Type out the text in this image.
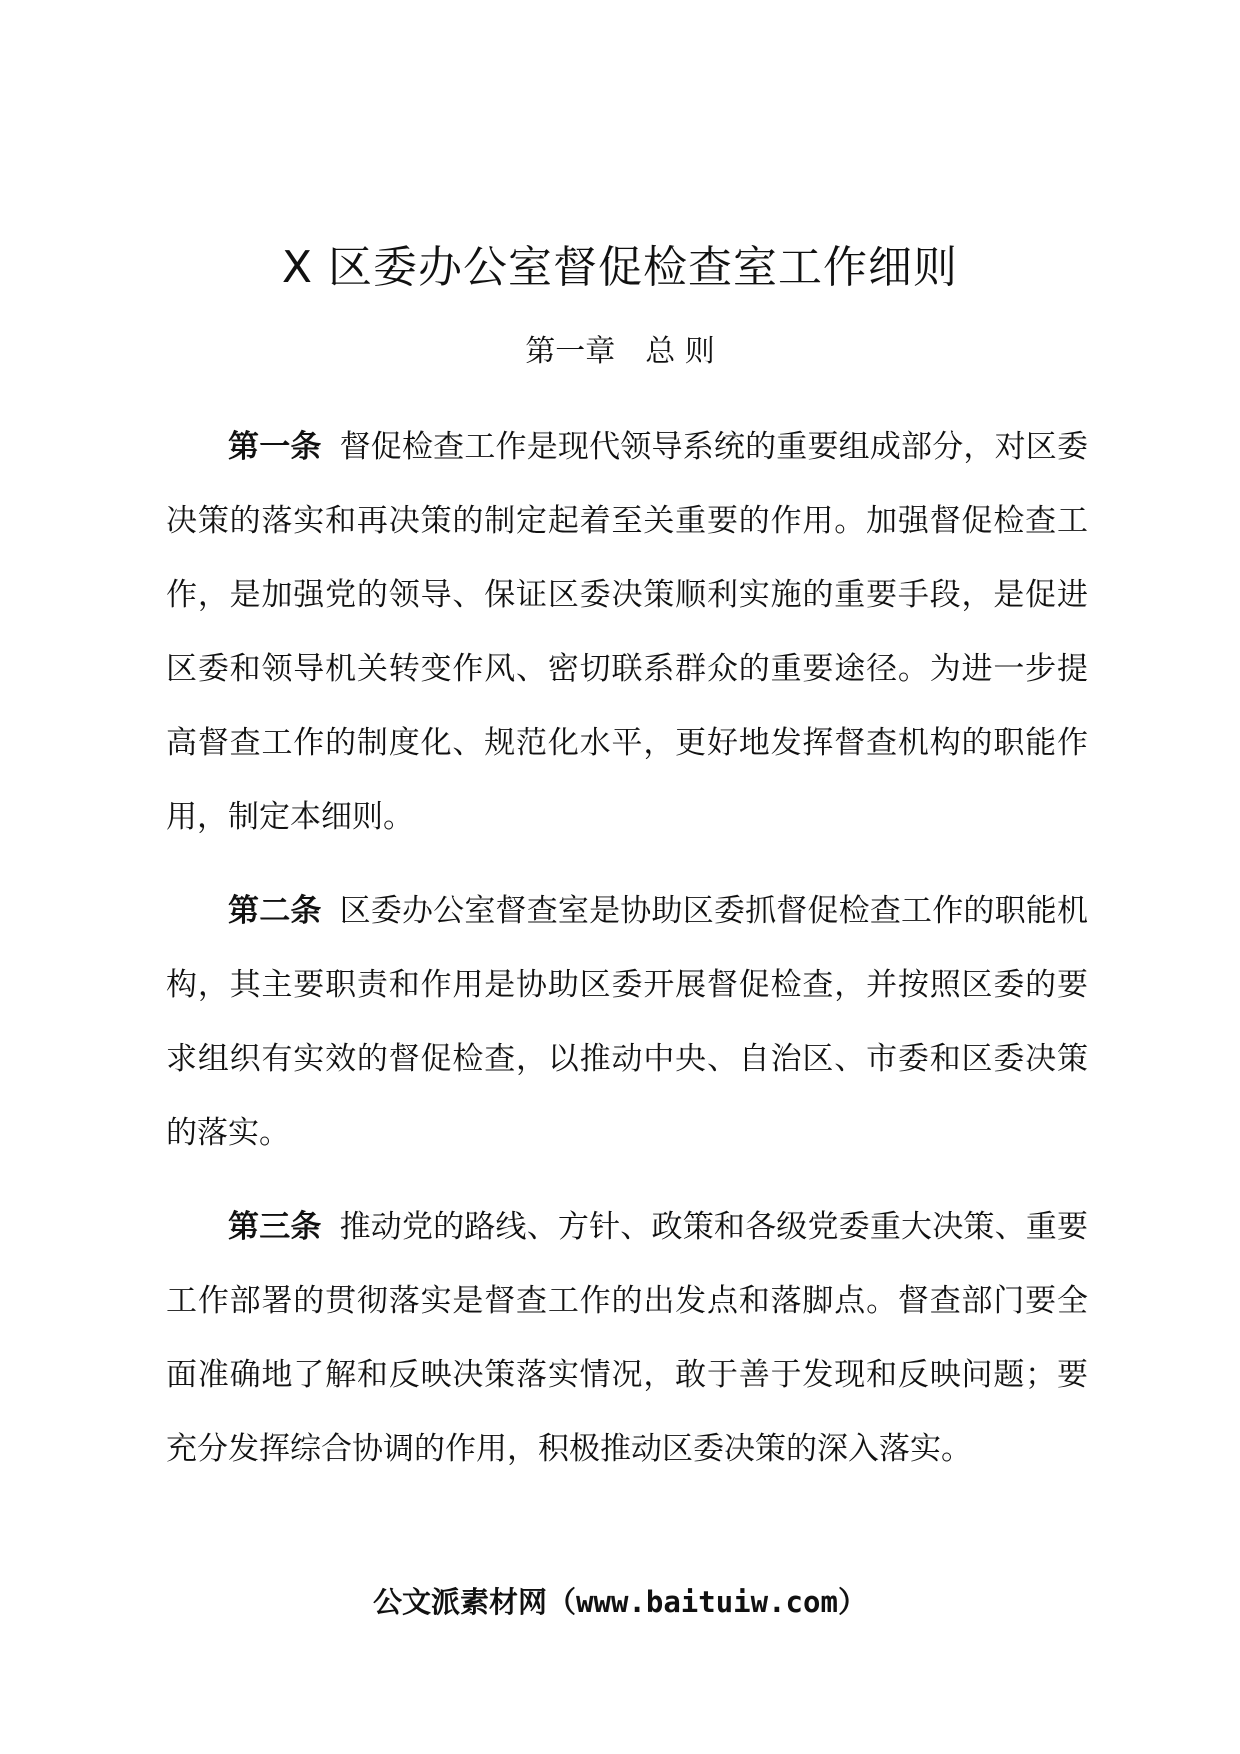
X 区委办公室督促检查室工作细则
第一章　总 则

第一条 督促检查工作是现代领导系统的重要组成部分，对区委决策的落实和再决策的制定起着至关重要的作用。加强督促检查工作，是加强党的领导、保证区委决策顺利实施的重要手段，是促进区委和领导机关转变作风、密切联系群众的重要途径。为进一步提高督查工作的制度化、规范化水平，更好地发挥督查机构的职能作用，制定本细则。

第二条 区委办公室督查室是协助区委抓督促检查工作的职能机构，其主要职责和作用是协助区委开展督促检查，并按照区委的要求组织有实效的督促检查，以推动中央、自治区、市委和区委决策的落实。

第三条 推动党的路线、方针、政策和各级党委重大决策、重要工作部署的贯彻落实是督查工作的出发点和落脚点。督查部门要全面准确地了解和反映决策落实情况，敢于善于发现和反映问题；要充分发挥综合协调的作用，积极推动区委决策的深入落实。

公文派素材网（www.baituiw.com）
